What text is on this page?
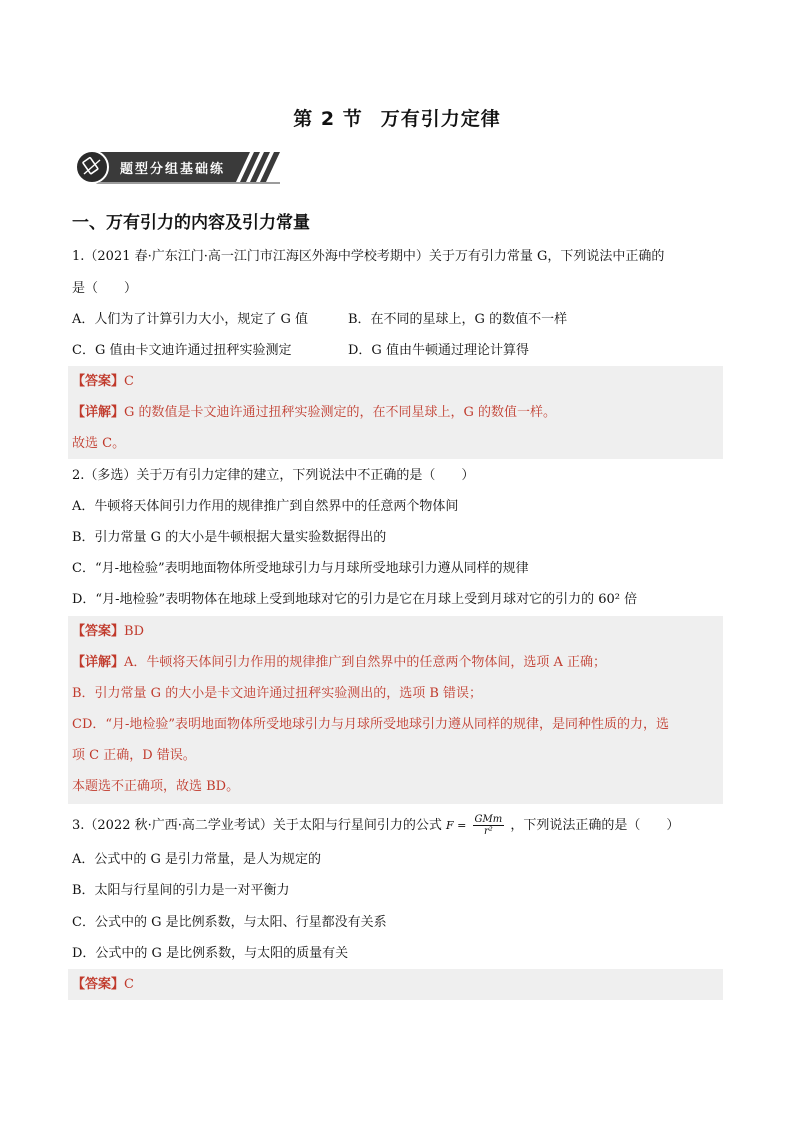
第 2 节 万有引力定律
题型分组基础练
一、万有引力的内容及引力常量
1.（2021 春·广东江门·高一江门市江海区外海中学校考期中）关于万有引力常量 G，下列说法中正确的
是（　　）
A．人们为了计算引力大小，规定了 G 值	B．在不同的星球上，G 的数值不一样
C．G 值由卡文迪许通过扭秤实验测定	D．G 值由牛顿通过理论计算得
【答案】C
【详解】G 的数值是卡文迪许通过扭秤实验测定的，在不同星球上，G 的数值一样。
故选 C。
2.（多选）关于万有引力定律的建立，下列说法中不正确的是（　　）
A．牛顿将天体间引力作用的规律推广到自然界中的任意两个物体间
B．引力常量 G 的大小是牛顿根据大量实验数据得出的
C．“月-地检验”表明地面物体所受地球引力与月球所受地球引力遵从同样的规律
D．“月-地检验”表明物体在地球上受到地球对它的引力是它在月球上受到月球对它的引力的 60² 倍
【答案】BD
【详解】A．牛顿将天体间引力作用的规律推广到自然界中的任意两个物体间，选项 A 正确；
B．引力常量 G 的大小是卡文迪许通过扭秤实验测出的，选项 B 错误；
CD．“月-地检验”表明地面物体所受地球引力与月球所受地球引力遵从同样的规律，是同种性质的力，选
项 C 正确，D 错误。
本题选不正确项，故选 BD。
3.（2022 秋·广西·高二学业考试）关于太阳与行星间引力的公式 $F = \frac{\text{GMm}}{\text{r²}}$ ，下列说法正确的是（　　）
A．公式中的 G 是引力常量，是人为规定的
B．太阳与行星间的引力是一对平衡力
C．公式中的 G 是比例系数，与太阳、行星都没有关系
D．公式中的 G 是比例系数，与太阳的质量有关
【答案】C
